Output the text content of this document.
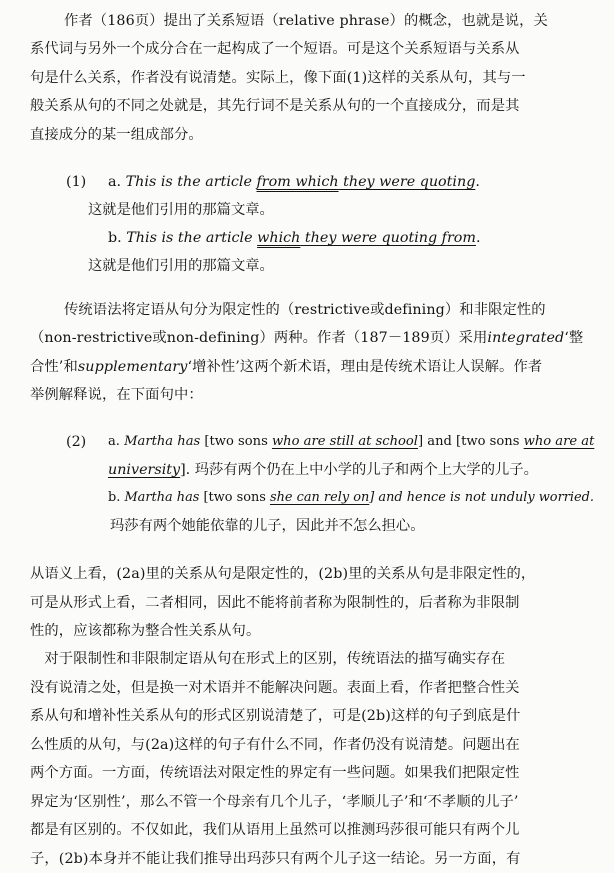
作者（186页）提出了关系短语（relative phrase）的概念，也就是说，关
系代词与另外一个成分合在一起构成了一个短语。可是这个关系短语与关系从
句是什么关系，作者没有说清楚。实际上，像下面(1)这样的关系从句，其与一
般关系从句的不同之处就是，其先行词不是关系从句的一个直接成分，而是其
直接成分的某一组成部分。
(1) a. This is the article from which they were quoting.
这就是他们引用的那篇文章。
b. This is the article which they were quoting from.
这就是他们引用的那篇文章。
传统语法将定语从句分为限定性的（restrictive或defining）和非限定性的
（non-restrictive或non-defining）两种。作者（187－189页）采用integrated‘整
合性’和supplementary‘增补性’这两个新术语，理由是传统术语让人误解。作者
举例解释说，在下面句中：
(2) a. Martha has [two sons who are still at school] and [two sons who are at
university]. 玛莎有两个仍在上中小学的儿子和两个上大学的儿子。
b. Martha has [two sons she can rely on] and hence is not unduly worried.
玛莎有两个她能依靠的儿子，因此并不怎么担心。
从语义上看，(2a)里的关系从句是限定性的，(2b)里的关系从句是非限定性的，
可是从形式上看，二者相同，因此不能将前者称为限制性的，后者称为非限制
性的，应该都称为整合性关系从句。
　对于限制性和非限制定语从句在形式上的区别，传统语法的描写确实存在
没有说清之处，但是换一对术语并不能解决问题。表面上看，作者把整合性关
系从句和增补性关系从句的形式区别说清楚了，可是(2b)这样的句子到底是什
么性质的从句，与(2a)这样的句子有什么不同，作者仍没有说清楚。问题出在
两个方面。一方面，传统语法对限定性的界定有一些问题。如果我们把限定性
界定为‘区别性’，那么不管一个母亲有几个儿子，‘孝顺儿子’和‘不孝顺的儿子’
都是有区别的。不仅如此，我们从语用上虽然可以推测玛莎很可能只有两个儿
子，(2b)本身并不能让我们推导出玛莎只有两个儿子这一结论。另一方面，有
